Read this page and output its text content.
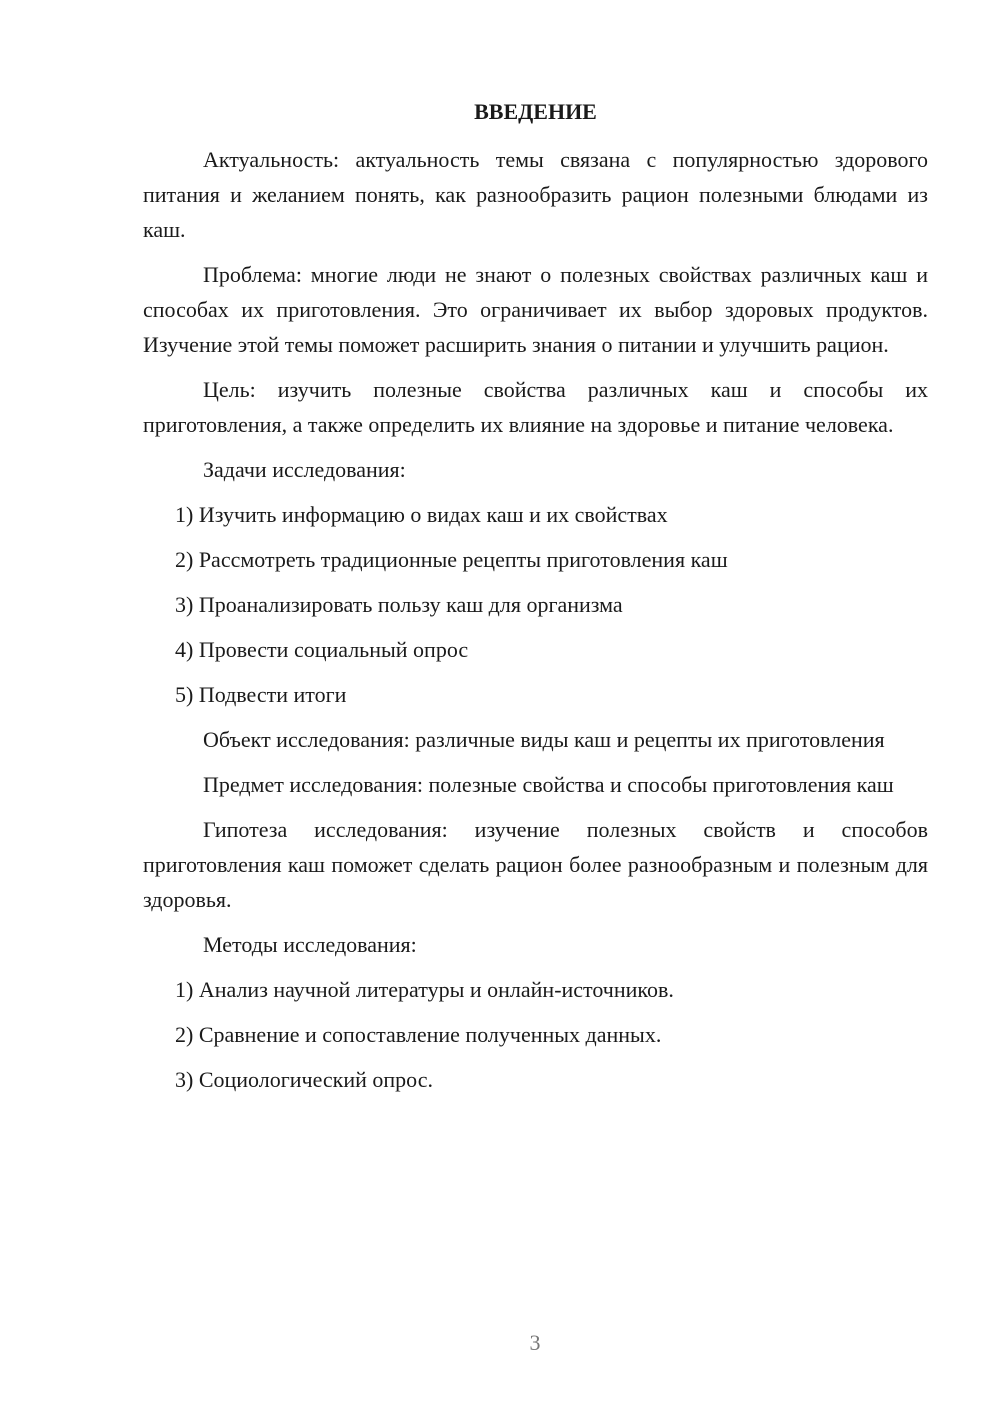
ВВЕДЕНИЕ

Актуальность: актуальность темы связана с популярностью здорового питания и желанием понять, как разнообразить рацион полезными блюдами из каш.

Проблема: многие люди не знают о полезных свойствах различных каш и способах их приготовления. Это ограничивает их выбор здоровых продуктов. Изучение этой темы поможет расширить знания о питании и улучшить рацион.

Цель: изучить полезные свойства различных каш и способы их приготовления, а также определить их влияние на здоровье и питание человека.

Задачи исследования:

1) Изучить информацию о видах каш и их свойствах
2) Рассмотреть традиционные рецепты приготовления каш
3) Проанализировать пользу каш для организма
4) Провести социальный опрос
5) Подвести итоги

Объект исследования: различные виды каш и рецепты их приготовления

Предмет исследования: полезные свойства и способы приготовления каш

Гипотеза исследования: изучение полезных свойств и способов приготовления каш поможет сделать рацион более разнообразным и полезным для здоровья.

Методы исследования:

1) Анализ научной литературы и онлайн-источников.
2) Сравнение и сопоставление полученных данных.
3) Социологический опрос.
3
